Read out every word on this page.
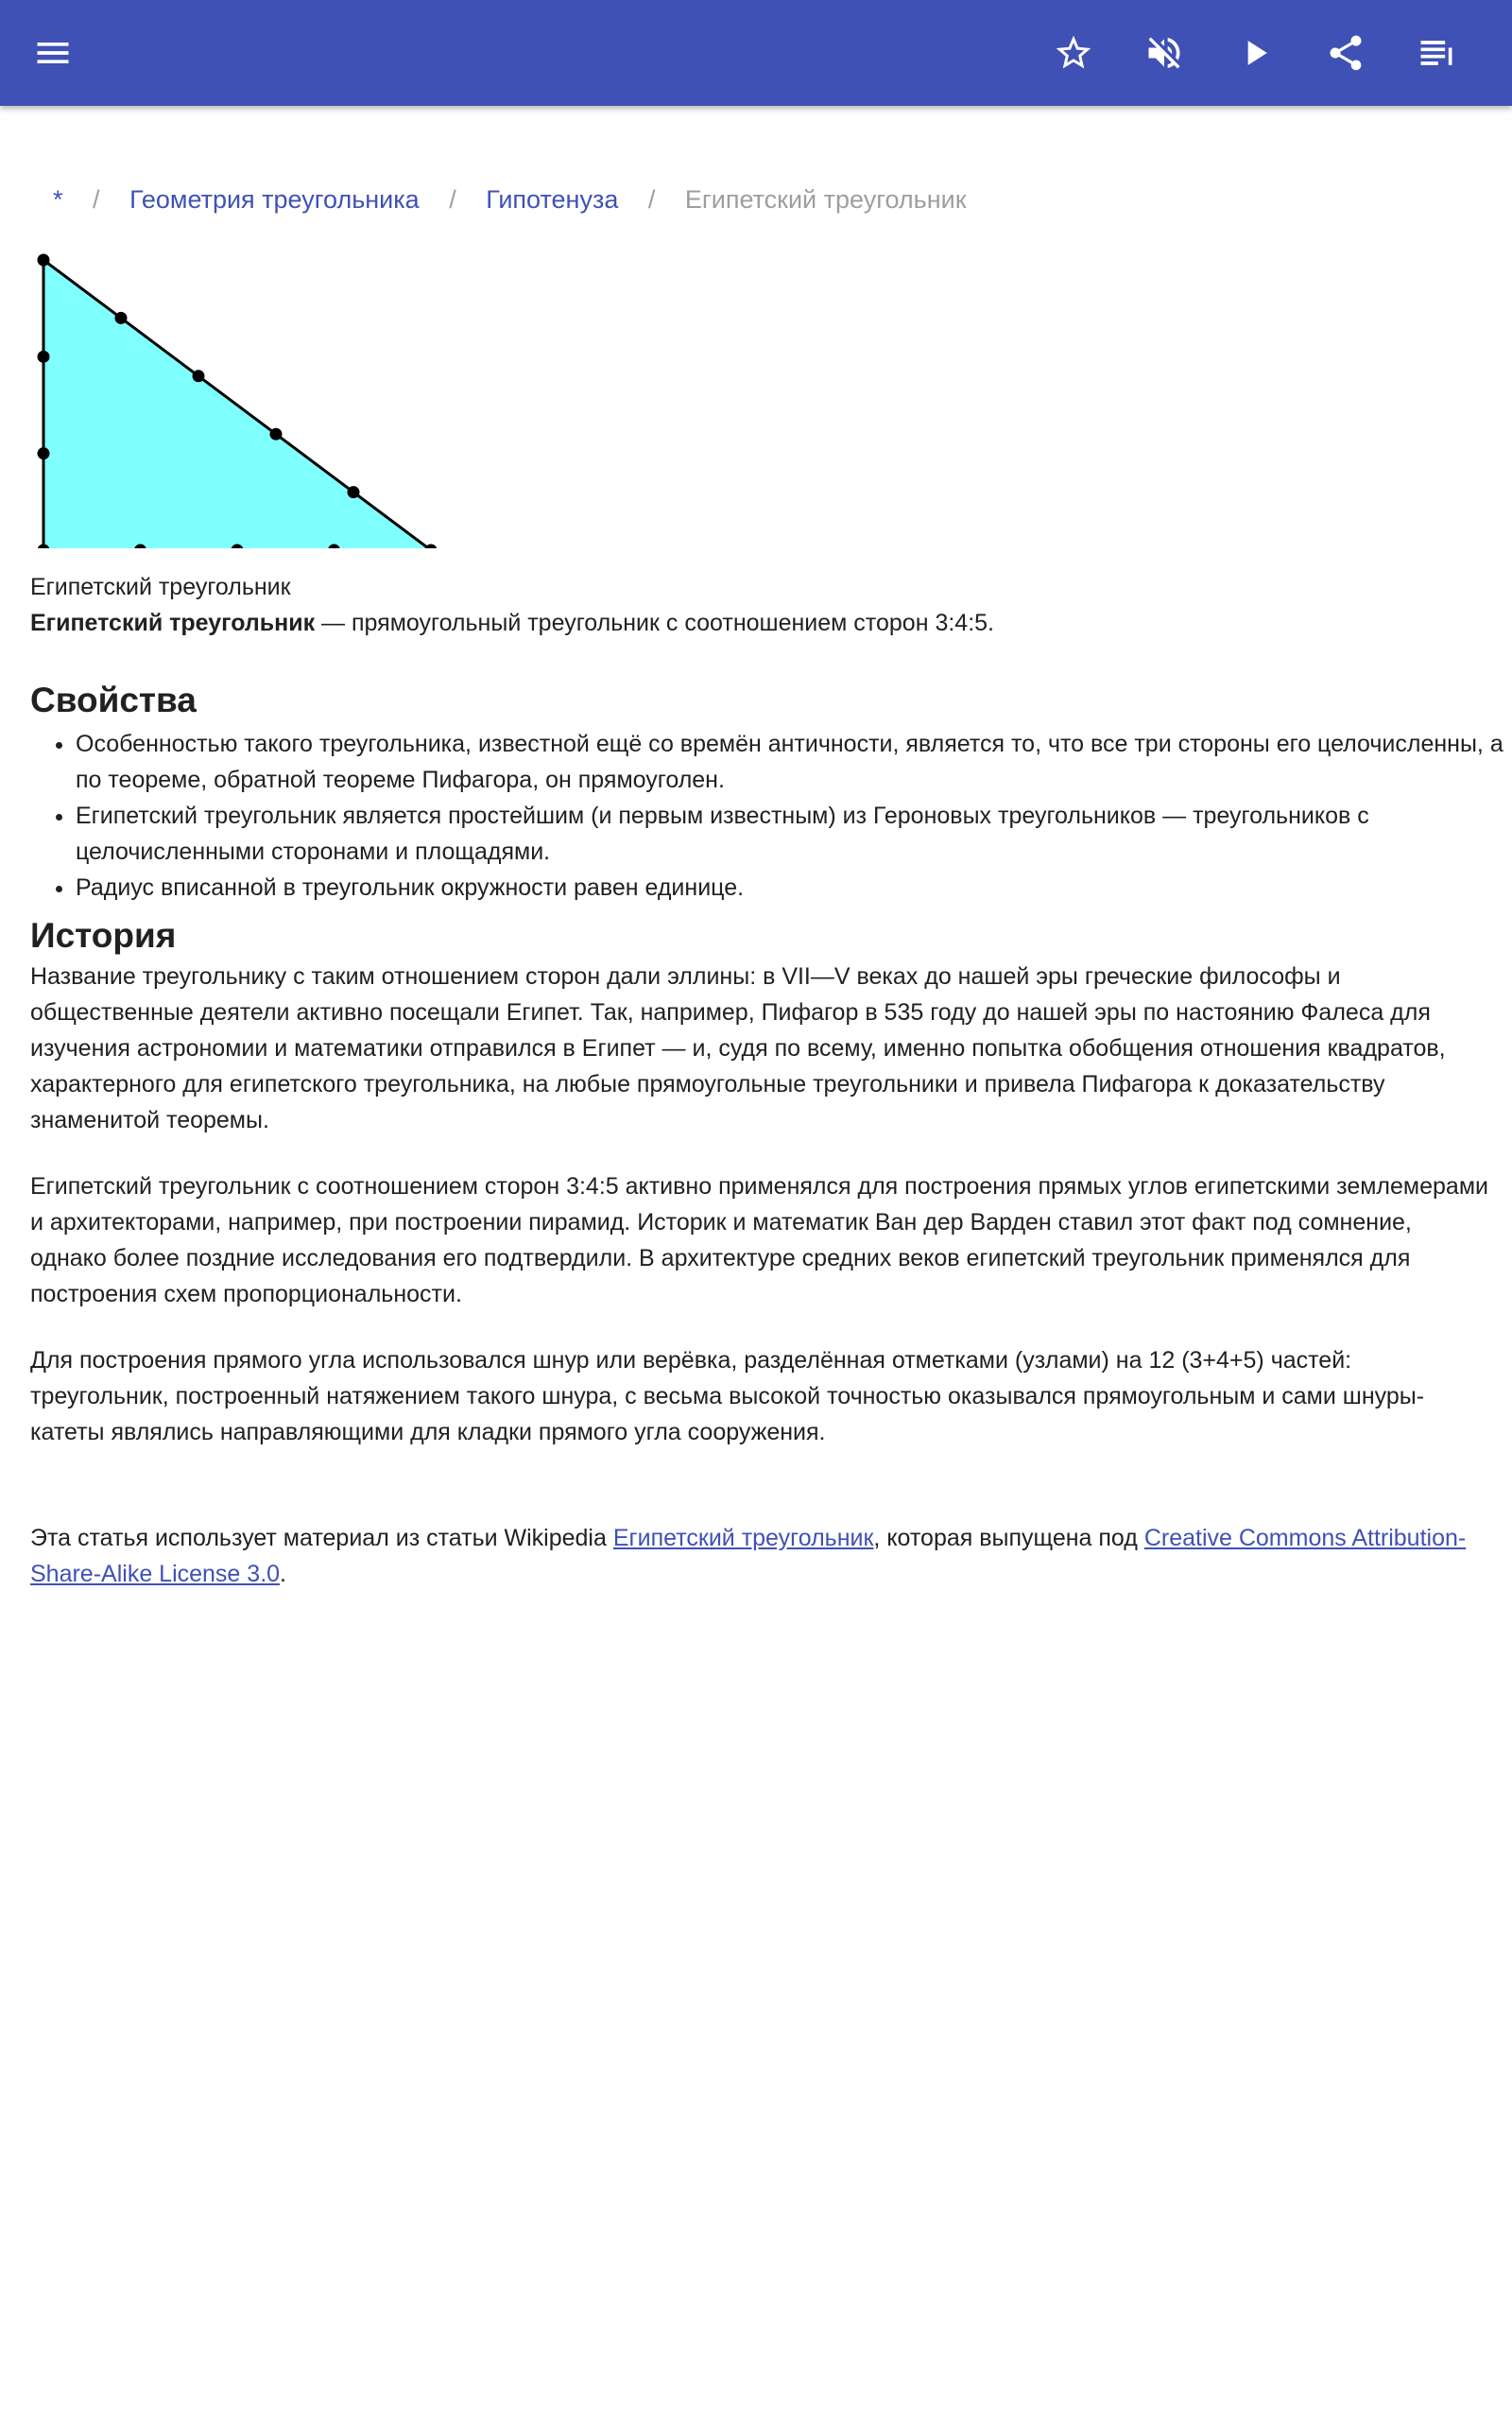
* / Геометрия треугольника / Гипотенуза / Египетский треугольник
Египетский треугольник

Египетский треугольник — прямоугольный треугольник с соотношением сторон 3:4:5.

Свойства
• Особенностью такого треугольника, известной ещё со времён античности, является то, что все три стороны его целочисленны, а по теореме, обратной теореме Пифагора, он прямоуголен.
• Египетский треугольник является простейшим (и первым известным) из Героновых треугольников — треугольников с целочисленными сторонами и площадями.
• Радиус вписанной в треугольник окружности равен единице.
История

Название треугольнику с таким отношением сторон дали эллины: в VII—V веках до нашей эры греческие философы и общественные деятели активно посещали Египет. Так, например, Пифагор в 535 году до нашей эры по настоянию Фалеса для изучения астрономии и математики отправился в Египет — и, судя по всему, именно попытка обобщения отношения квадратов, характерного для египетского треугольника, на любые прямоугольные треугольники и привела Пифагора к доказательству знаменитой теоремы.

Египетский треугольник с соотношением сторон 3:4:5 активно применялся для построения прямых углов египетскими землемерами и архитекторами, например, при построении пирамид. Историк и математик Ван дер Варден ставил этот факт под сомнение, однако более поздние исследования его подтвердили. В архитектуре средних веков египетский треугольник применялся для построения схем пропорциональности.

Для построения прямого угла использовался шнур или верёвка, разделённая отметками (узлами) на 12 (3+4+5) частей: треугольник, построенный натяжением такого шнура, с весьма высокой точностью оказывался прямоугольным и сами шнуры-катеты являлись направляющими для кладки прямого угла сооружения.

Эта статья использует материал из статьи Wikipedia Египетский треугольник, которая выпущена под Creative Commons Attribution-Share-Alike License 3.0.
